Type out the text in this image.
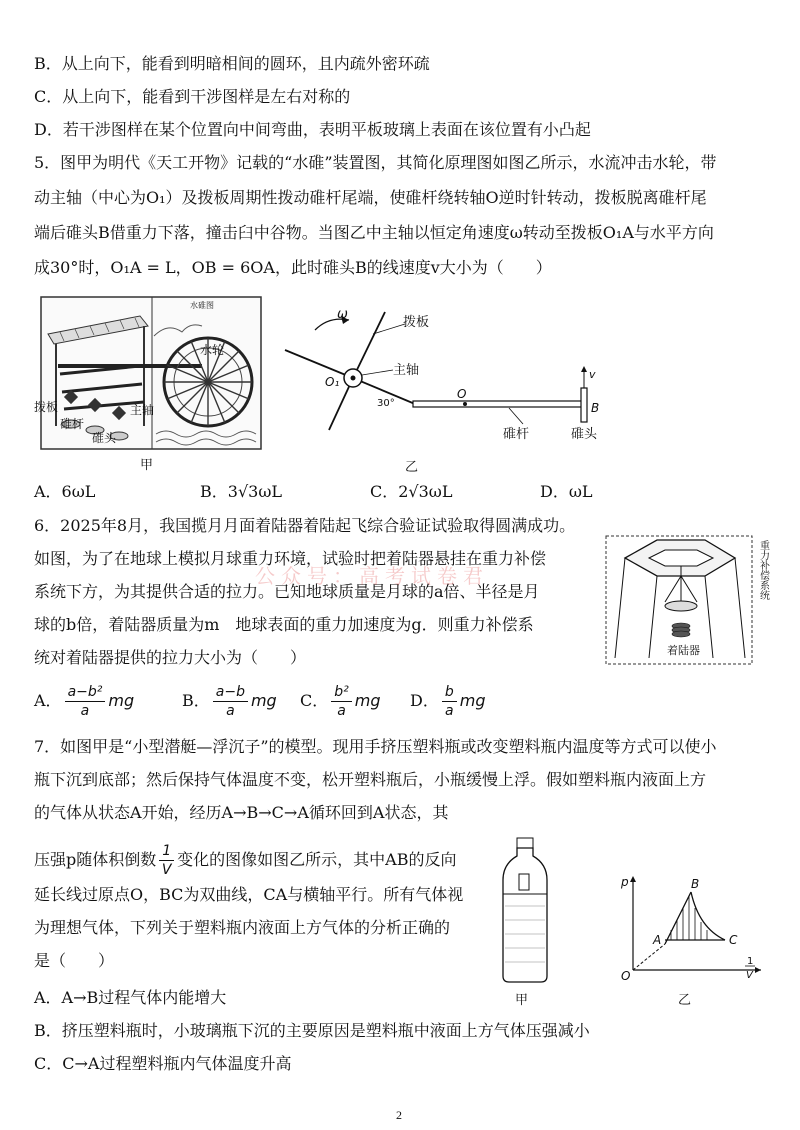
B．从上向下，能看到明暗相间的圆环，且内疏外密环疏
C．从上向下，能看到干涉图样是左右对称的
D．若干涉图样在某个位置向中间弯曲，表明平板玻璃上表面在该位置有小凸起
5．图甲为明代《天工开物》记载的“水碓”装置图，其简化原理图如图乙所示，水流冲击水轮，带
动主轴（中心为O₁）及拨板周期性拨动碓杆尾端，使碓杆绕转轴O逆时针转动，拨板脱离碓杆尾
端后碓头B借重力下落，撞击臼中谷物。当图乙中主轴以恒定角速度ω转动至拨板O₁A与水平方向
成30°时，O₁A = L，OB = 6OA，此时碓头B的线速度v大小为（　　）
水碓图
水轮
拨板	主轴
碓杆
碓头
甲
ω
拨板
主轴
O₁
30°
O
v
B
碓杆	碓头
乙
A．6ωL	B．3√3ωL	C．2√3ωL	D．ωL
6．2025年8月，我国揽月月面着陆器着陆起飞综合验证试验取得圆满成功。
如图，为了在地球上模拟月球重力环境，试验时把着陆器悬挂在重力补偿
系统下方，为其提供合适的拉力。已知地球质量是月球的a倍、半径是月
球的b倍，着陆器质量为m　地球表面的重力加速度为g．则重力补偿系
统对着陆器提供的拉力大小为（　　）	着陆器
重力补偿系统
A． $\frac{\text{a−b²}}{a}$ mg	B． $\frac{a-b}{a}$ mg C． $\frac{\text{b²}}{a}$ mg D． $\frac{b}{a}$ mg
7．如图甲是“小型潜艇—浮沉子”的模型。现用手挤压塑料瓶或改变塑料瓶内温度等方式可以使小
瓶下沉到底部；然后保持气体温度不变，松开塑料瓶后，小瓶缓慢上浮。假如塑料瓶内液面上方
的气体从状态A开始，经历A→B→C→A循环回到A状态，其
压强p随体积倒数 $\frac{1}{V}$ 变化的图像如图乙所示，其中AB的反向
延长线过原点O，BC为双曲线，CA与横轴平行。所有气体视
为理想气体，下列关于塑料瓶内液面上方气体的分析正确的
是（　　）
甲
p
O
A
B
C
1
V
乙
A．A→B过程气体内能增大
B．挤压塑料瓶时，小玻璃瓶下沉的主要原因是塑料瓶中液面上方气体压强减小
C．C→A过程塑料瓶内气体温度升高
公众号：高考试卷君
2
